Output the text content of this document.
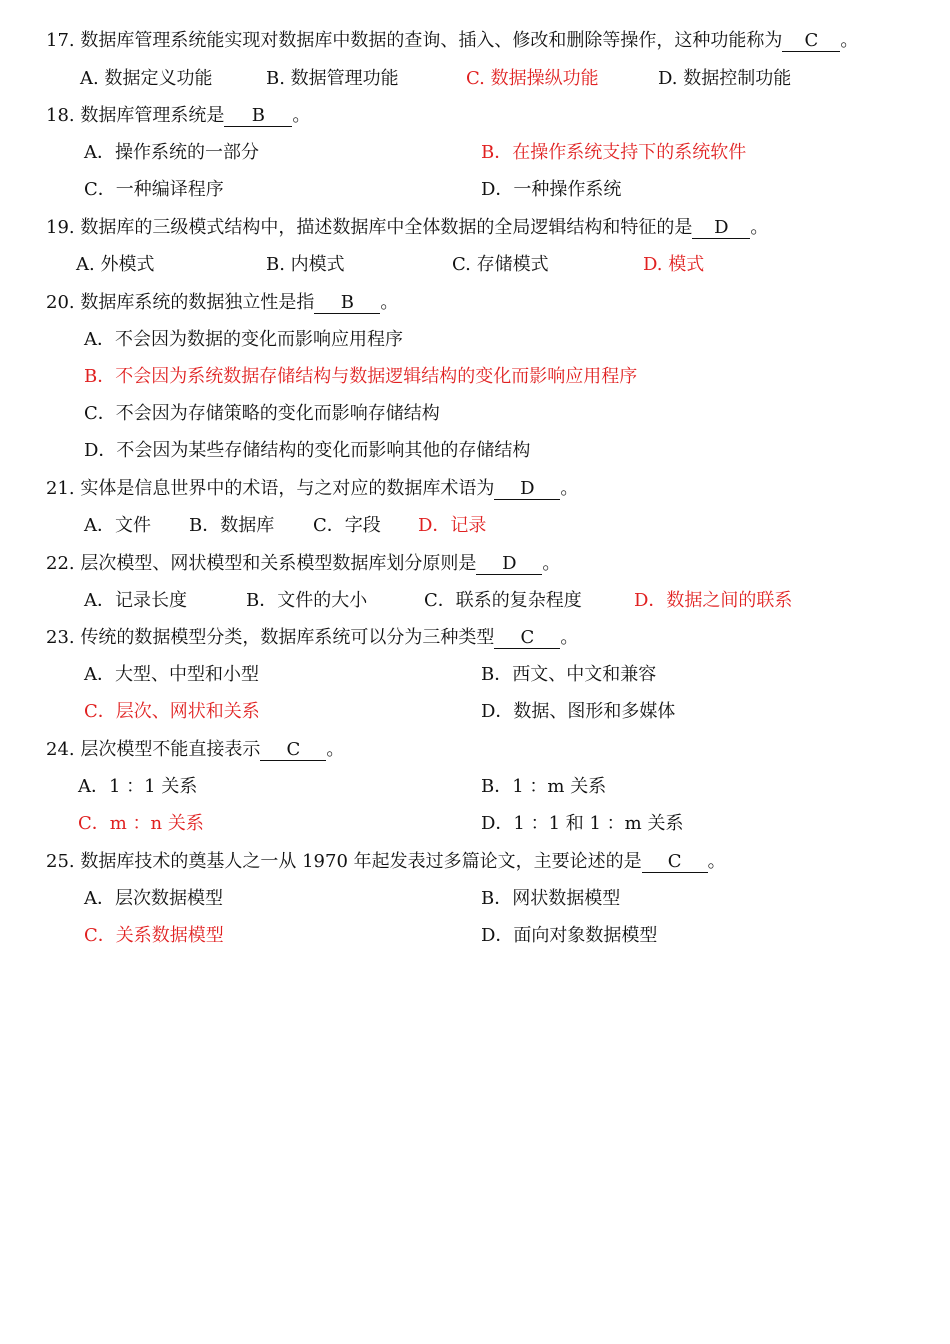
17. 数据库管理系统能实现对数据库中数据的查询、插入、修改和删除等操作，这种功能称为 C 。
A. 数据定义功能	B. 数据管理功能	C. 数据操纵功能	D. 数据控制功能
18. 数据库管理系统是 B 。
A．操作系统的一部分	B．在操作系统支持下的系统软件
C．一种编译程序	D．一种操作系统
19. 数据库的三级模式结构中，描述数据库中全体数据的全局逻辑结构和特征的是 D 。
A. 外模式	B. 内模式	C. 存储模式	D. 模式
20. 数据库系统的数据独立性是指 B 。
A．不会因为数据的变化而影响应用程序
B．不会因为系统数据存储结构与数据逻辑结构的变化而影响应用程序
C．不会因为存储策略的变化而影响存储结构
D．不会因为某些存储结构的变化而影响其他的存储结构
21. 实体是信息世界中的术语，与之对应的数据库术语为 D 。
A．文件 B．数据库 C．字段 D．记录
22. 层次模型、网状模型和关系模型数据库划分原则是 D 。
A．记录长度	B．文件的大小	C．联系的复杂程度	D．数据之间的联系
23. 传统的数据模型分类，数据库系统可以分为三种类型 C 。
A．大型、中型和小型	B．西文、中文和兼容
C．层次、网状和关系	D．数据、图形和多媒体
24. 层次模型不能直接表示 C 。
A．1 ：1 关系	B．1 ：m 关系
C．m ：n 关系	D．1 ：1 和 1 ：m 关系
25. 数据库技术的奠基人之一从 1970 年起发表过多篇论文，主要论述的是 C 。
A．层次数据模型	B．网状数据模型
C．关系数据模型	D．面向对象数据模型
